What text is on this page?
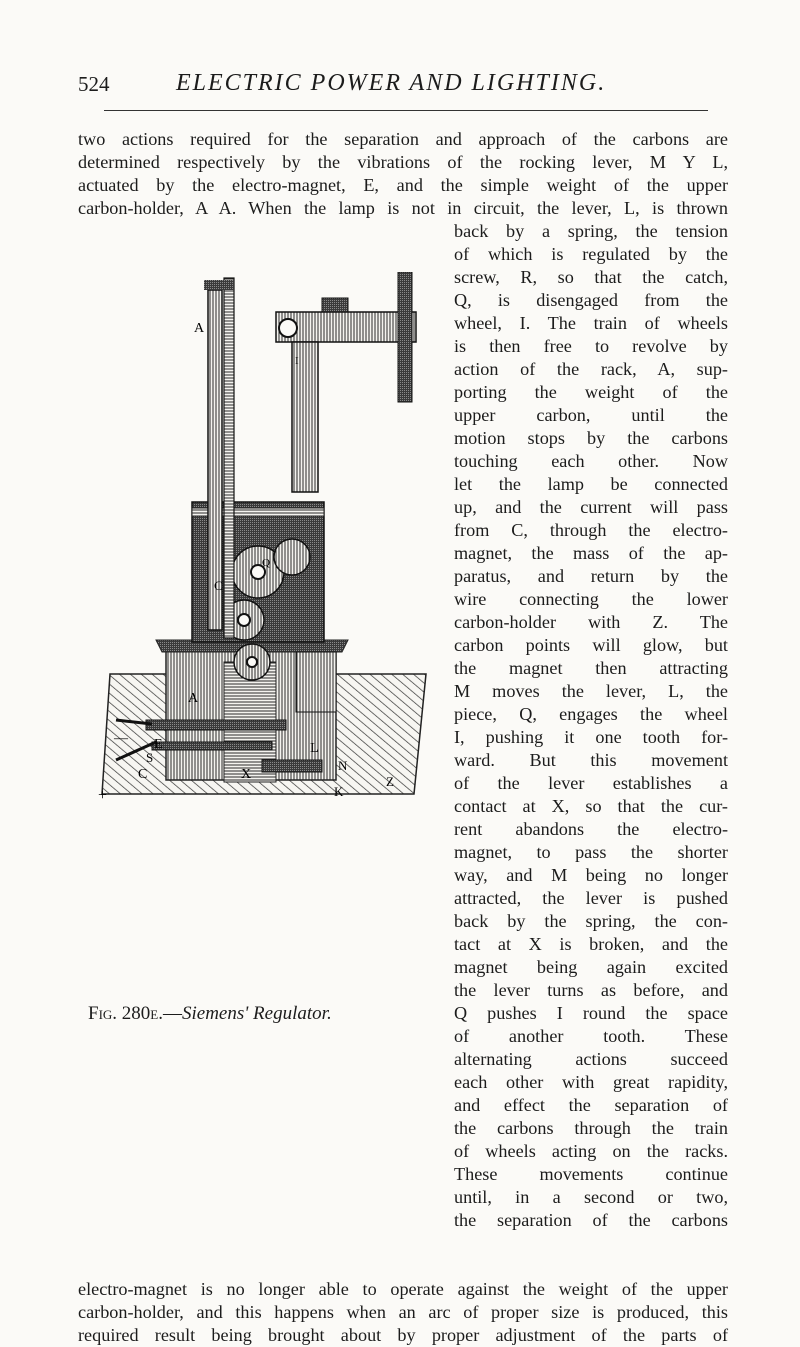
524	ELECTRIC POWER AND LIGHTING.
two actions required for the separation and approach of the carbons are
determined respectively by the vibrations of the rocking lever, M Y L,
actuated by the electro-magnet, E, and the simple weight of the upper
carbon-holder, A A. When the lamp is not in circuit, the lever, L, is thrown
back by a spring, the tension
of which is regulated by the
screw, R, so that the catch,
Q, is disengaged from the
wheel, I. The train of wheels
is then free to revolve by
action of the rack, A, sup-
porting the weight of the
upper carbon, until the
motion stops by the carbons
touching each other. Now
let the lamp be connected
up, and the current will pass
from C, through the electro-
magnet, the mass of the ap-
paratus, and return by the
wire connecting the lower
carbon-holder with Z. The
carbon points will glow, but
the magnet then attracting
M moves the lever, L, the
piece, Q, engages the wheel
I, pushing it one tooth for-
ward. But this movement
of the lever establishes a
contact at X, so that the cur-
rent abandons the electro-
magnet, to pass the shorter
way, and M being no longer
attracted, the lever is pushed
back by the spring, the con-
tact at X is broken, and the
magnet being again excited
the lever turns as before, and
Q pushes I round the space
of another tooth. These
alternating actions succeed
each other with great rapidity,
and effect the separation of
the carbons through the train
of wheels acting on the racks.
These movements continue
until, in a second or two,
the separation of the carbons
electro-magnet is no longer able to operate against the weight of the upper
carbon-holder, and this happens when an arc of proper size is produced, this
required result being brought about by proper adjustment of the parts of
A
A
C
E
S
C	X
L
N
K
Z
Q
I
+
—
Fig. 280e.—Siemens' Regulator.
